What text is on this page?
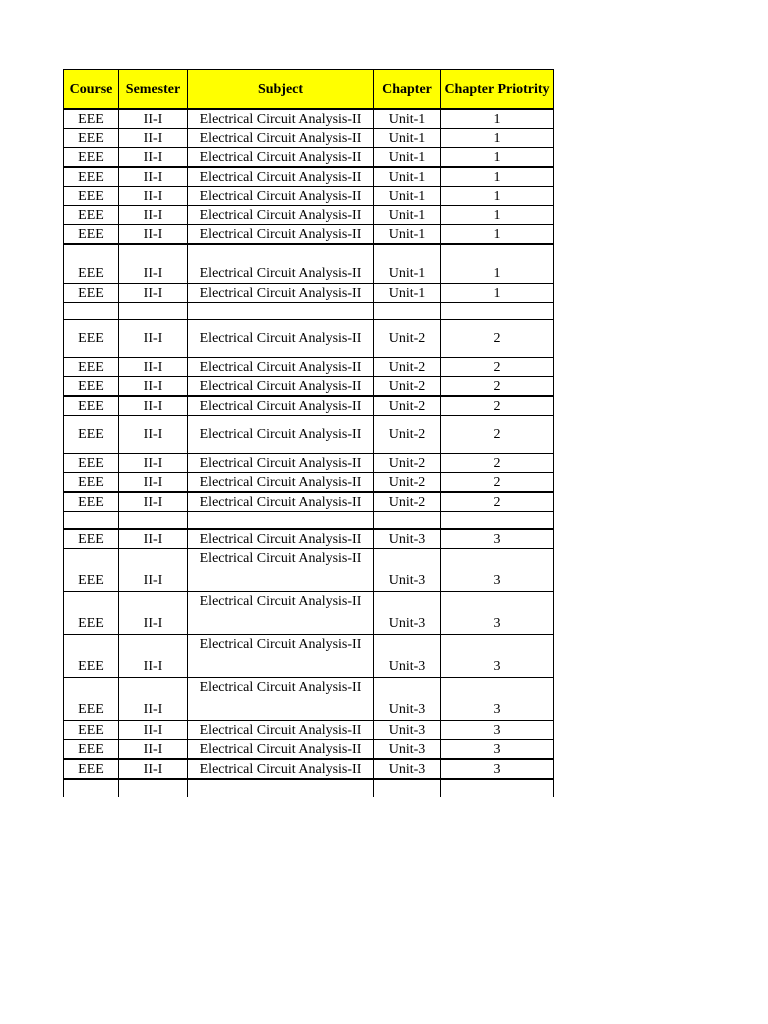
Course	Semester	Subject	Chapter	Chapter Priotrity
EEE	II-I	Electrical Circuit Analysis-II	Unit-1	1
EEE	II-I	Electrical Circuit Analysis-II	Unit-1	1
EEE	II-I	Electrical Circuit Analysis-II	Unit-1	1
EEE	II-I	Electrical Circuit Analysis-II	Unit-1	1
EEE	II-I	Electrical Circuit Analysis-II	Unit-1	1
EEE	II-I	Electrical Circuit Analysis-II	Unit-1	1
EEE	II-I	Electrical Circuit Analysis-II	Unit-1	1
EEE	II-I	Electrical Circuit Analysis-II	Unit-1	1
EEE	II-I	Electrical Circuit Analysis-II	Unit-1	1

EEE	II-I	Electrical Circuit Analysis-II	Unit-2	2
EEE	II-I	Electrical Circuit Analysis-II	Unit-2	2
EEE	II-I	Electrical Circuit Analysis-II	Unit-2	2
EEE	II-I	Electrical Circuit Analysis-II	Unit-2	2
EEE	II-I	Electrical Circuit Analysis-II	Unit-2	2
EEE	II-I	Electrical Circuit Analysis-II	Unit-2	2
EEE	II-I	Electrical Circuit Analysis-II	Unit-2	2
EEE	II-I	Electrical Circuit Analysis-II	Unit-2	2

EEE	II-I	Electrical Circuit Analysis-II	Unit-3	3
EEE	II-I	Electrical Circuit Analysis-II	Unit-3	3
EEE	II-I	Electrical Circuit Analysis-II	Unit-3	3
EEE	II-I	Electrical Circuit Analysis-II	Unit-3	3
EEE	II-I	Electrical Circuit Analysis-II	Unit-3	3
EEE	II-I	Electrical Circuit Analysis-II	Unit-3	3
EEE	II-I	Electrical Circuit Analysis-II	Unit-3	3
EEE	II-I	Electrical Circuit Analysis-II	Unit-3	3
